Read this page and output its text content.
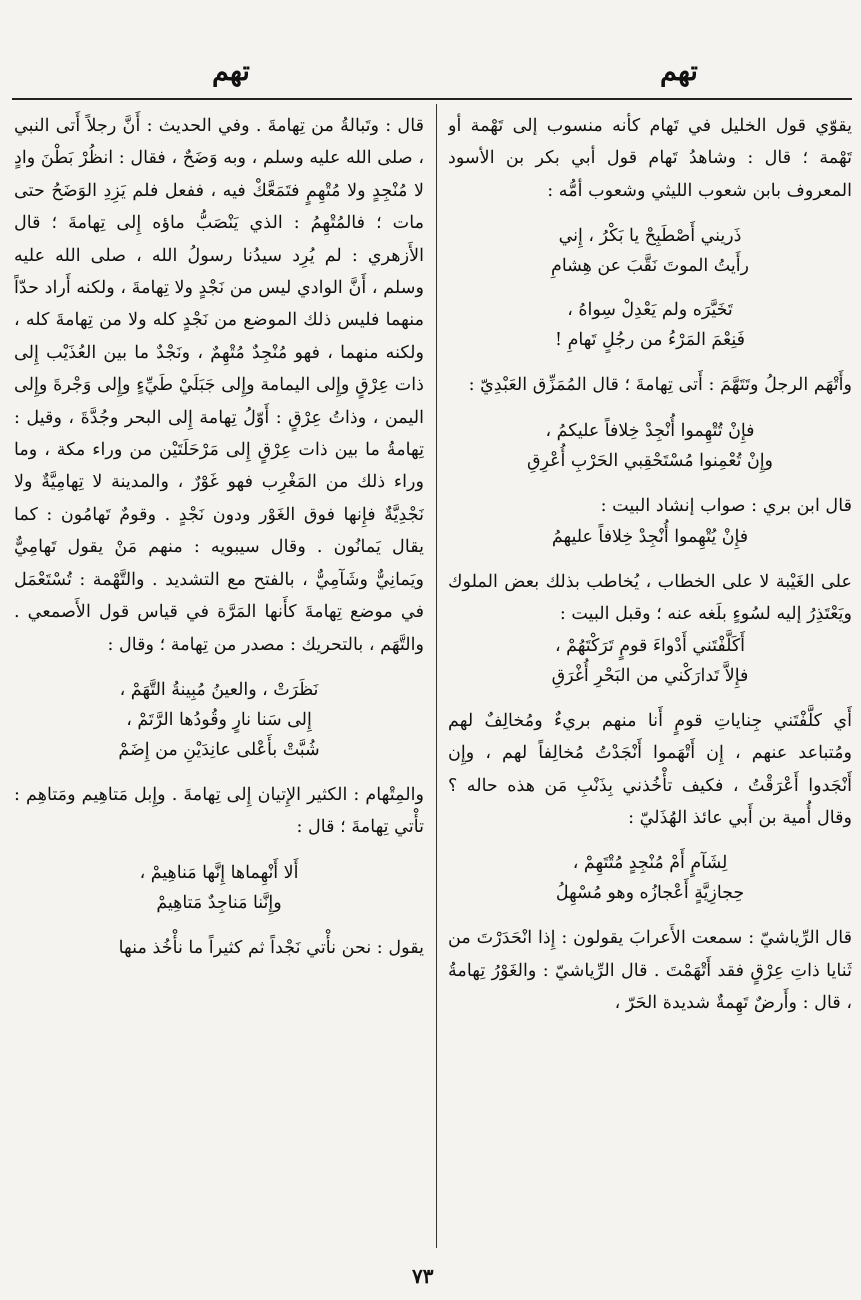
تهم
تهم

يقوّي قول الخليل في تَهام كأنه منسوب إلى تَهْمة أو تَهْمة ؛ قال : وشاهدُ تَهام قول أبي بكر بن الأسود المعروف بابن شعوب الليثي وشعوب أمُّه :

ذَريني أَصْطَبِحْ يا بَكْرُ ، إِني
رأَيتُ الموتَ نَقَّبَ عن هِشامِ
تَخَيَّرَه ولم يَعْدِلْ سِواهُ ،
فَنِعْمَ المَرْءُ من رجُلٍ تَهامِ !

وأَتْهَم الرجلُ وتَتَهَّمَ : أَتى تِهامةَ ؛ قال المُمَزِّق العَبْدِيّ :

فإِنْ تُتْهِموا أُنْجِدْ خِلافاً عليكمُ ،
وإِنْ تُعْمِنوا مُسْتَحْقِبي الحَرْبِ أُعْرِقِ

قال ابن بري : صواب إنشاد البيت :

فإِنْ يُتْهِموا أُنْجِدْ خِلافاً عليهمُ

على الغَيْبة لا على الخطاب ، يُخاطب بذلك بعض الملوك ويَعْتَذِرُ إليه لسُوءٍ بلَغه عنه ؛ وقبل البيت :

أَكَلَّفْتَني أَدْواءَ قومٍ تَرَكْتَهُمْ ،
فإِلاَّ تَدارَكْني من البَحْرِ أُغْرَقِ

أَي كلَّفْتَني جِناياتِ قومٍ أَنا منهم بريءٌ ومُخالِفٌ لهم ومُتباعد عنهم ، إِن أَتْهَموا أَنْجَدْتُ مُخالِفاً لهم ، وإِن أَنْجَدوا أَعْرَقْتُ ، فكيف تأْخُذني بِذَنْبِ مَن هذه حاله ؟ وقال أُمية بن أَبي عائذ الهُذَليّ :

لِشَآمٍ أَمْ مُنْجِدٍ مُتْتَهِمْ ،
حِجازِيَّةٍ أَعْجازُه وهو مُسْهِلُ

قال الرِّياشيّ : سمعت الأَعرابَ يقولون : إِذا انْحَدَرْتَ من ثَنايا ذاتِ عِرْقٍ فقد أَتْهَمْتَ . قال الرِّياشيّ : والغَوْرُ تِهامةُ ، قال : وأَرضٌ تَهِمةٌ شديدة الحَرّ ،

قال : وتَبالةُ من تِهامةَ . وفي الحديث : أَنَّ رجلاً أَتى النبي ، صلى الله عليه وسلم ، وبه وَضَحٌ ، فقال : انظُرْ بَطْنَ وادٍ لا مُنْجِدٍ ولا مُتْهِمٍ فتَمَعَّكْ فيه ، ففعل فلم يَزِدِ الوَضَحُ حتى مات ؛ فالمُتْهِمُ : الذي يَنْصَبُّ ماؤه إِلى تِهامةَ ؛ قال الأَزهري : لم يُرِد سيدُنا رسولُ الله ، صلى الله عليه وسلم ، أَنَّ الوادي ليس من نَجْدٍ ولا تِهامةَ ، ولكنه أَراد حدّاً منهما فليس ذلك الموضع من نَجْدٍ كله ولا من تِهامةَ كله ، ولكنه منهما ، فهو مُنْجِدٌ مُتْهِمٌ ، ونَجْدٌ ما بين العُذَيْب إِلى ذات عِرْقٍ وإِلى اليمامة وإِلى جَبَلَيْ طَيِّءٍ وإِلى وَجْرةَ وإِلى اليمن ، وذاتُ عِرْقٍ : أَوّلُ تِهامة إِلى البحر وجُدَّةَ ، وقيل : تِهامةُ ما بين ذات عِرْقٍ إِلى مَرْحَلَتَيْن من وراء مكة ، وما وراء ذلك من المَغْرِب فهو غَوْرٌ ، والمدينة لا تِهامِيَّةٌ ولا نَجْدِيَّةٌ فإِنها فوق الغَوْر ودون نَجْدٍ . وقومٌ تَهامُون : كما يقال يَمانُون . وقال سيبويه : منهم مَنْ يقول تَهامِيٌّ ويَمانِيٌّ وشَآمِيٌّ ، بالفتح مع التشديد . والتَّهْمة : تُسْتَعْمَل في موضع تِهامةَ كأَنها المَرَّة في قياس قول الأَصمعي . والتَّهَم ، بالتحريك : مصدر من تِهامة ؛ وقال :

نَظَرَتْ ، والعينُ مُبِينةُ التَّهَمْ ،
إِلى سَنا نارٍ وقُودُها الرَّتَمْ ،
شُبَّتْ بأَعْلى عانِدَيْنِ من إِضَمْ

والمِتْهام : الكثير الإِتيان إِلى تِهامةَ . وإِبل مَتاهِيم ومَتاهِم : تأْتي تِهامةَ ؛ قال :

أَلا أَنْهِماها إِنَّها مَناهِيمْ ،
وإِنَّنا مَناجِدٌ مَتاهِيمْ

يقول : نحن نأْتي نَجْداً ثم كثيراً ما نأْخُذ منها

٧٣
